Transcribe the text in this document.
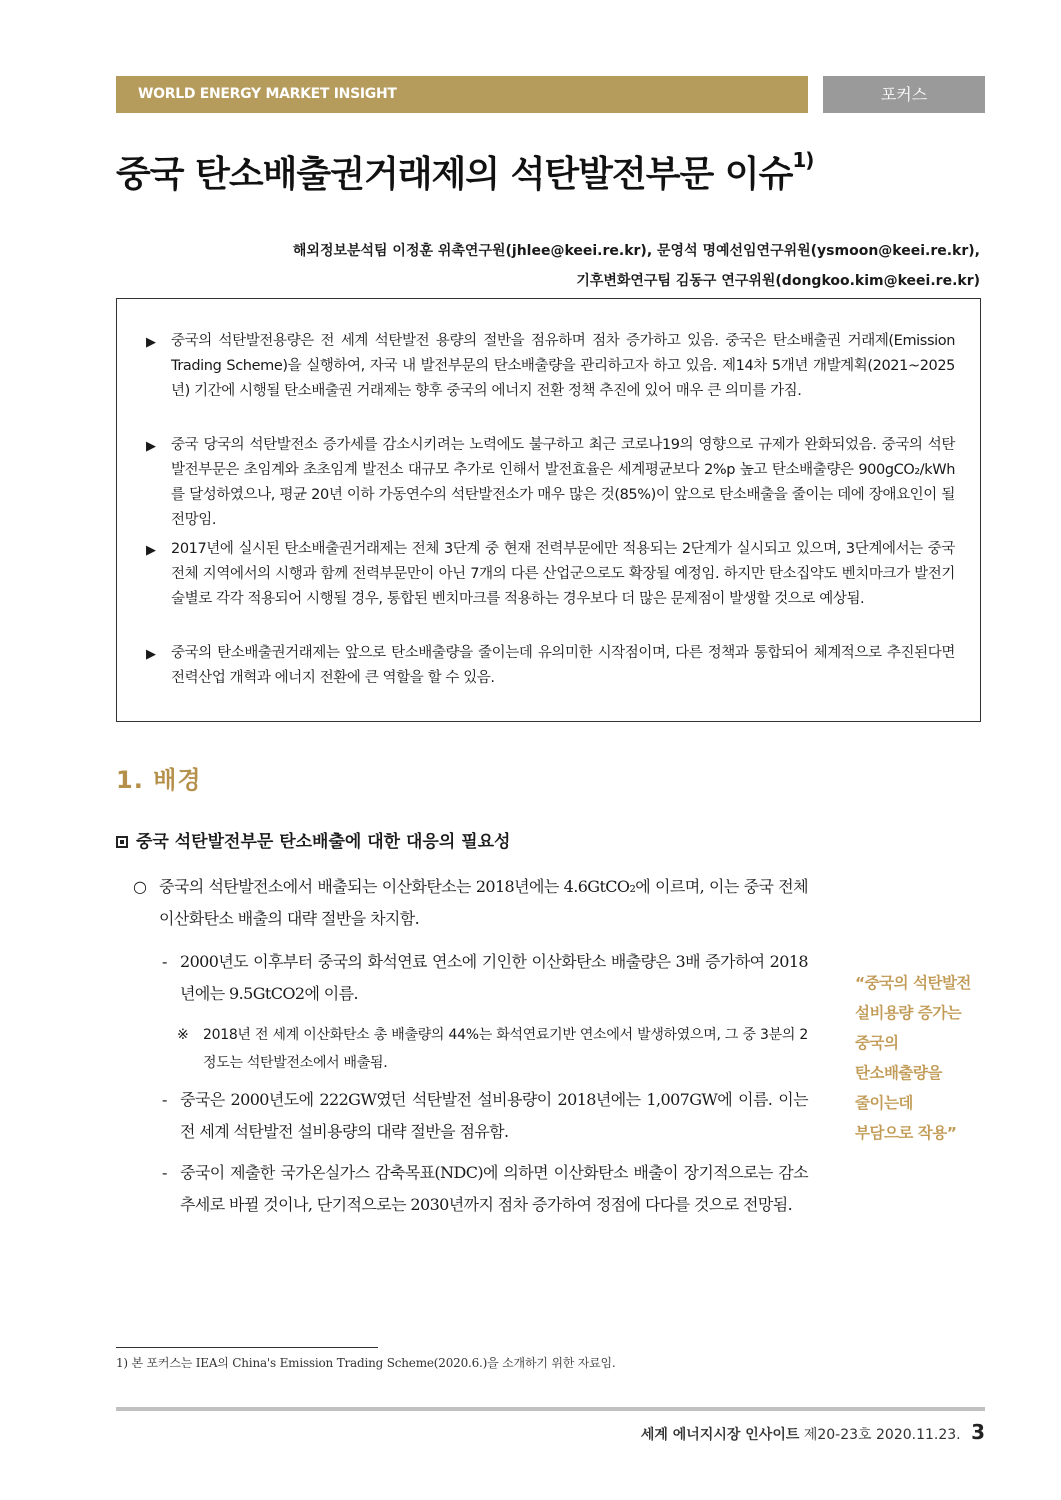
WORLD ENERGY MARKET INSIGHT	포커스
중국 탄소배출권거래제의 석탄발전부문 이슈$^{1)}$
해외정보분석팀 이정훈 위촉연구원(jhlee@keei.re.kr), 문영석 명예선임연구위원(ysmoon@keei.re.kr),
기후변화연구팀 김동구 연구위원(dongkoo.kim@keei.re.kr)
▶	중국의 석탄발전용량은 전 세계 석탄발전 용량의 절반을 점유하며 점차 증가하고 있음. 중국은 탄소배출권 거래제(Emission Trading Scheme)을 실행하여, 자국 내 발전부문의 탄소배출량을 관리하고자 하고 있음. 제14차 5개년 개발계획(2021~2025년) 기간에 시행될 탄소배출권 거래제는 향후 중국의 에너지 전환 정책 추진에 있어 매우 큰 의미를 가짐.
▶	중국 당국의 석탄발전소 증가세를 감소시키려는 노력에도 불구하고 최근 코로나19의 영향으로 규제가 완화되었음. 중국의 석탄발전부문은 초임계와 초초임계 발전소 대규모 추가로 인해서 발전효율은 세계평균보다 2%p 높고 탄소배출량은 900gCO₂/kWh를 달성하였으나, 평균 20년 이하 가동연수의 석탄발전소가 매우 많은 것(85%)이 앞으로 탄소배출을 줄이는 데에 장애요인이 될 전망임.
▶	2017년에 실시된 탄소배출권거래제는 전체 3단계 중 현재 전력부문에만 적용되는 2단계가 실시되고 있으며, 3단계에서는 중국 전체 지역에서의 시행과 함께 전력부문만이 아닌 7개의 다른 산업군으로도 확장될 예정임. 하지만 탄소집약도 벤치마크가 발전기술별로 각각 적용되어 시행될 경우, 통합된 벤치마크를 적용하는 경우보다 더 많은 문제점이 발생할 것으로 예상됨.
▶	중국의 탄소배출권거래제는 앞으로 탄소배출량을 줄이는데 유의미한 시작점이며, 다른 정책과 통합되어 체계적으로 추진된다면 전력산업 개혁과 에너지 전환에 큰 역할을 할 수 있음.
1. 배경
중국 석탄발전부문 탄소배출에 대한 대응의 필요성
○ 중국의 석탄발전소에서 배출되는 이산화탄소는 2018년에는 4.6GtCO₂에 이르며, 이는 중국 전체 이산화탄소 배출의 대략 절반을 차지함.
- 2000년도 이후부터 중국의 화석연료 연소에 기인한 이산화탄소 배출량은 3배 증가하여 2018년에는 9.5GtCO2에 이름.
※ 2018년 전 세계 이산화탄소 총 배출량의 44%는 화석연료기반 연소에서 발생하였으며, 그 중 3분의 2정도는 석탄발전소에서 배출됨.
- 중국은 2000년도에 222GW였던 석탄발전 설비용량이 2018년에는 1,007GW에 이름. 이는 전 세계 석탄발전 설비용량의 대략 절반을 점유함.
- 중국이 제출한 국가온실가스 감축목표(NDC)에 의하면 이산화탄소 배출이 장기적으로는 감소추세로 바뀔 것이나, 단기적으로는 2030년까지 점차 증가하여 정점에 다다를 것으로 전망됨.
“중국의 석탄발전
설비용량 증가는
중국의
탄소배출량을
줄이는데
부담으로 작용”
1) 본 포커스는 IEA의 China's Emission Trading Scheme(2020.6.)을 소개하기 위한 자료임.
세계 에너지시장 인사이트 제20-23호 2020.11.23. 3
